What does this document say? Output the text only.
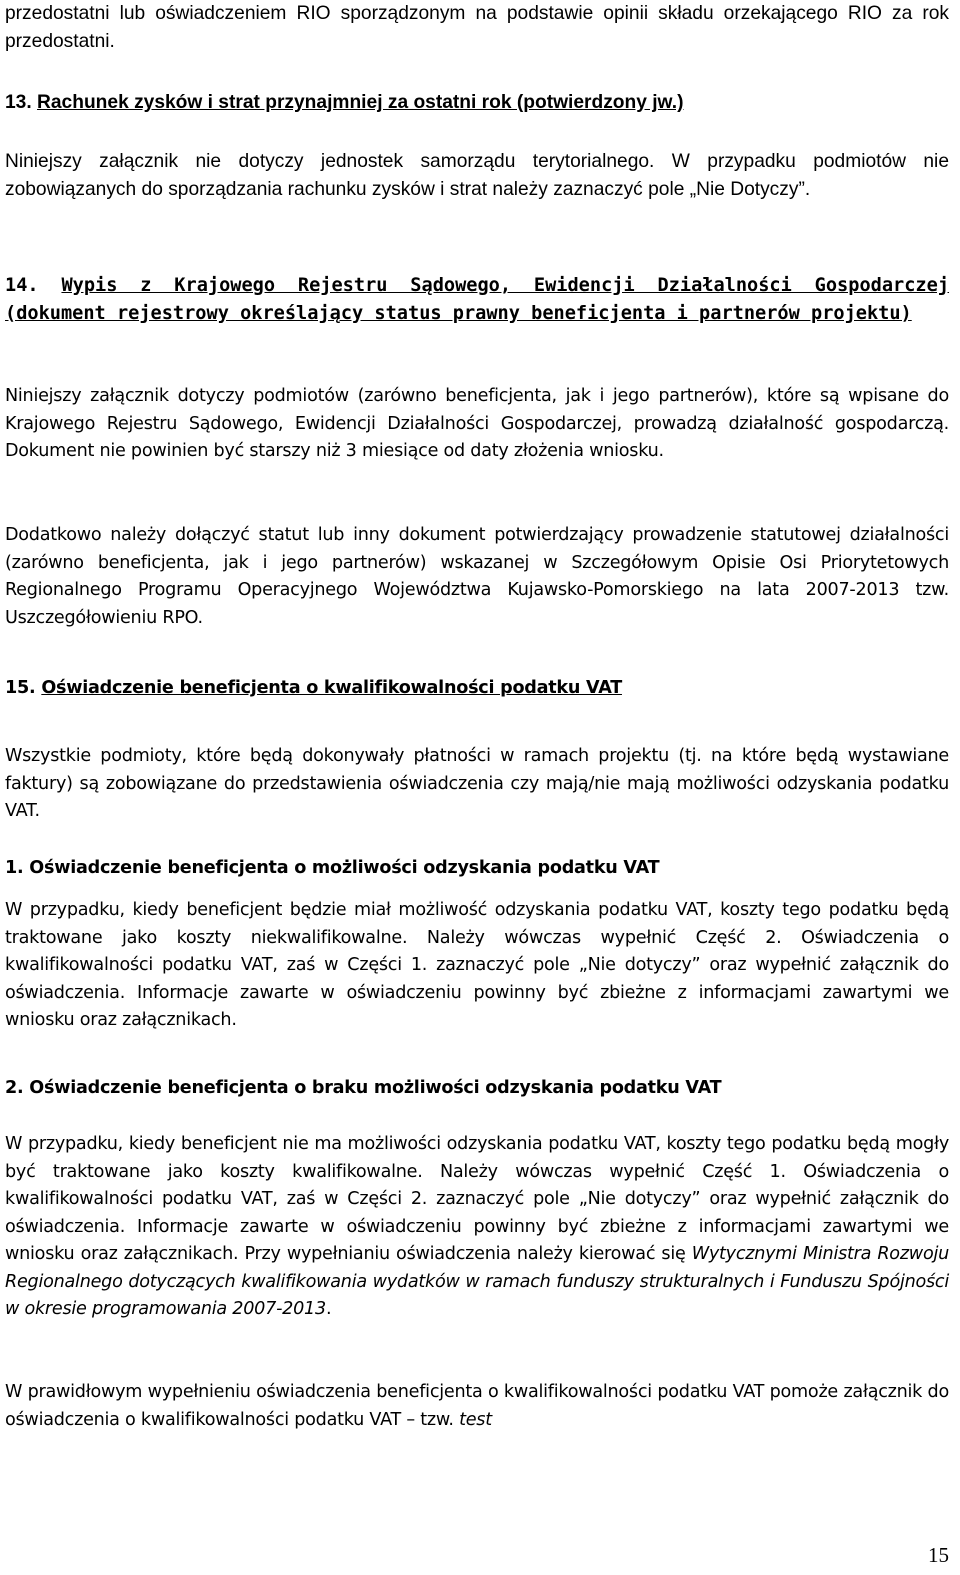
przedostatni lub oświadczeniem RIO sporządzonym na podstawie opinii składu orzekającego RIO za rok przedostatni.

13. Rachunek zysków i strat przynajmniej za ostatni rok (potwierdzony jw.)

Niniejszy załącznik nie dotyczy jednostek samorządu terytorialnego. W przypadku podmiotów nie zobowiązanych do sporządzania rachunku zysków i strat należy zaznaczyć pole „Nie Dotyczy”.

14. Wypis z Krajowego Rejestru Sądowego, Ewidencji Działalności Gospodarczej (dokument rejestrowy określający status prawny beneficjenta i partnerów projektu)

Niniejszy załącznik dotyczy podmiotów (zarówno beneficjenta, jak i jego partnerów), które są wpisane do Krajowego Rejestru Sądowego, Ewidencji Działalności Gospodarczej, prowadzą działalność gospodarczą. Dokument nie powinien być starszy niż 3 miesiące od daty złożenia wniosku.

Dodatkowo należy dołączyć statut lub inny dokument potwierdzający prowadzenie statutowej działalności (zarówno beneficjenta, jak i jego partnerów) wskazanej w Szczegółowym Opisie Osi Priorytetowych Regionalnego Programu Operacyjnego Województwa Kujawsko-Pomorskiego na lata 2007-2013 tzw. Uszczegółowieniu RPO.

15. Oświadczenie beneficjenta o kwalifikowalności podatku VAT

Wszystkie podmioty, które będą dokonywały płatności w ramach projektu (tj. na które będą wystawiane faktury) są zobowiązane do przedstawienia oświadczenia czy mają/nie mają możliwości odzyskania podatku VAT.

1. Oświadczenie beneficjenta o możliwości odzyskania podatku VAT

W przypadku, kiedy beneficjent będzie miał możliwość odzyskania podatku VAT, koszty tego podatku będą traktowane jako koszty niekwalifikowalne. Należy wówczas wypełnić Część 2. Oświadczenia o kwalifikowalności podatku VAT, zaś w Części 1. zaznaczyć pole „Nie dotyczy” oraz wypełnić załącznik do oświadczenia. Informacje zawarte w oświadczeniu powinny być zbieżne z informacjami zawartymi we wniosku oraz załącznikach.

2. Oświadczenie beneficjenta o braku możliwości odzyskania podatku VAT

W przypadku, kiedy beneficjent nie ma możliwości odzyskania podatku VAT, koszty tego podatku będą mogły być traktowane jako koszty kwalifikowalne. Należy wówczas wypełnić Część 1. Oświadczenia o kwalifikowalności podatku VAT, zaś w Części 2. zaznaczyć pole „Nie dotyczy” oraz wypełnić załącznik do oświadczenia. Informacje zawarte w oświadczeniu powinny być zbieżne z informacjami zawartymi we wniosku oraz załącznikach. Przy wypełnianiu oświadczenia należy kierować się Wytycznymi Ministra Rozwoju Regionalnego dotyczących kwalifikowania wydatków w ramach funduszy strukturalnych i Funduszu Spójności w okresie programowania 2007-2013.

W prawidłowym wypełnieniu oświadczenia beneficjenta o kwalifikowalności podatku VAT pomoże załącznik do oświadczenia o kwalifikowalności podatku VAT – tzw. test

15
